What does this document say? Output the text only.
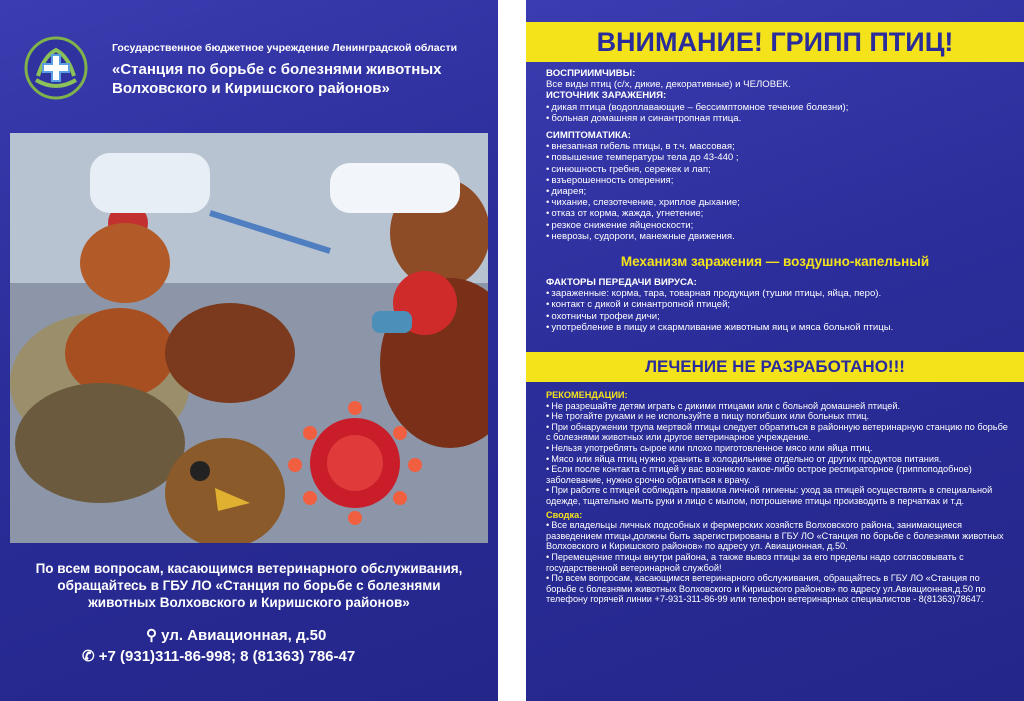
Государственное бюджетное учреждение Ленинградской области
«Станция по борьбе с болезнями животных Волховского и Киришского районов»
По всем вопросам, касающимся ветеринарного обслуживания, обращайтесь в ГБУ ЛО «Станция по борьбе с болезнями животных Волховского и Киришского районов»
⚲ ул. Авиационная, д.50
✆ +7 (931)311-86-998; 8 (81363) 786-47
ВНИМАНИЕ! ГРИПП ПТИЦ!
ВОСПРИИМЧИВЫ:
Все виды птиц (с/х, дикие, декоративные) и ЧЕЛОВЕК.
ИСТОЧНИК ЗАРАЖЕНИЯ:
• дикая птица (водоплавающие – бессимптомное течение болезни);
• больная домашняя и синантропная птица.
СИМПТОМАТИКА:
• внезапная гибель птицы, в т.ч. массовая;
• повышение температуры тела до 43-440 ;
• синюшность гребня, сережек и лап;
• взъерошенность оперения;
• диарея;
• чихание, слезотечение, хриплое дыхание;
• отказ от корма, жажда, угнетение;
• резкое снижение яйценоскости;
• неврозы, судороги, манежные движения.
Механизм заражения — воздушно-капельный
ФАКТОРЫ ПЕРЕДАЧИ ВИРУСА:
• зараженные: корма, тара, товарная продукция (тушки птицы, яйца, перо).
• контакт с дикой и синантропной птицей;
• охотничьи трофеи дичи;
• употребление в пищу и скармливание животным яиц и мяса больной птицы.
ЛЕЧЕНИЕ НЕ РАЗРАБОТАНО!!!
РЕКОМЕНДАЦИИ:
• Не разрешайте детям играть с дикими птицами или с больной домашней птицей.
• Не трогайте руками и не используйте в пищу погибших или больных птиц.
• При обнаружении трупа мертвой птицы следует обратиться в районную ветеринарную станцию по борьбе с болезнями животных или другое ветеринарное учреждение.
• Нельзя употреблять сырое или плохо приготовленное мясо или яйца птиц.
• Мясо или яйца птиц нужно хранить в холодильнике отдельно от других продуктов питания.
• Если после контакта с птицей у вас возникло какое-либо острое респираторное (гриппоподобное) заболевание, нужно срочно обратиться к врачу.
• При работе с птицей соблюдать правила личной гигиены: уход за птицей осуществлять в специальной одежде, тщательно мыть руки и лицо с мылом, потрошение птицы производить в перчатках и т.д.
Сводка:
• Все владельцы личных подсобных и фермерских хозяйств Волховского района, занимающиеся разведением птицы,должны быть зарегистрированы в ГБУ ЛО «Станция по борьбе с болезнями животных Волховского и Киришского районов» по адресу ул. Авиационная, д.50.
• Перемещение птицы внутри района, а также вывоз птицы за его пределы надо согласовывать с государственной ветеринарной службой!
• По всем вопросам, касающимся ветеринарного обслуживания, обращайтесь в ГБУ ЛО «Станция по борьбе с болезнями животных Волховского и Киришского районов» по адресу ул.Авиационная,д.50 по телефону горячей линии +7-931-311-86-99 или телефон ветеринарных специалистов - 8(81363)78647.
